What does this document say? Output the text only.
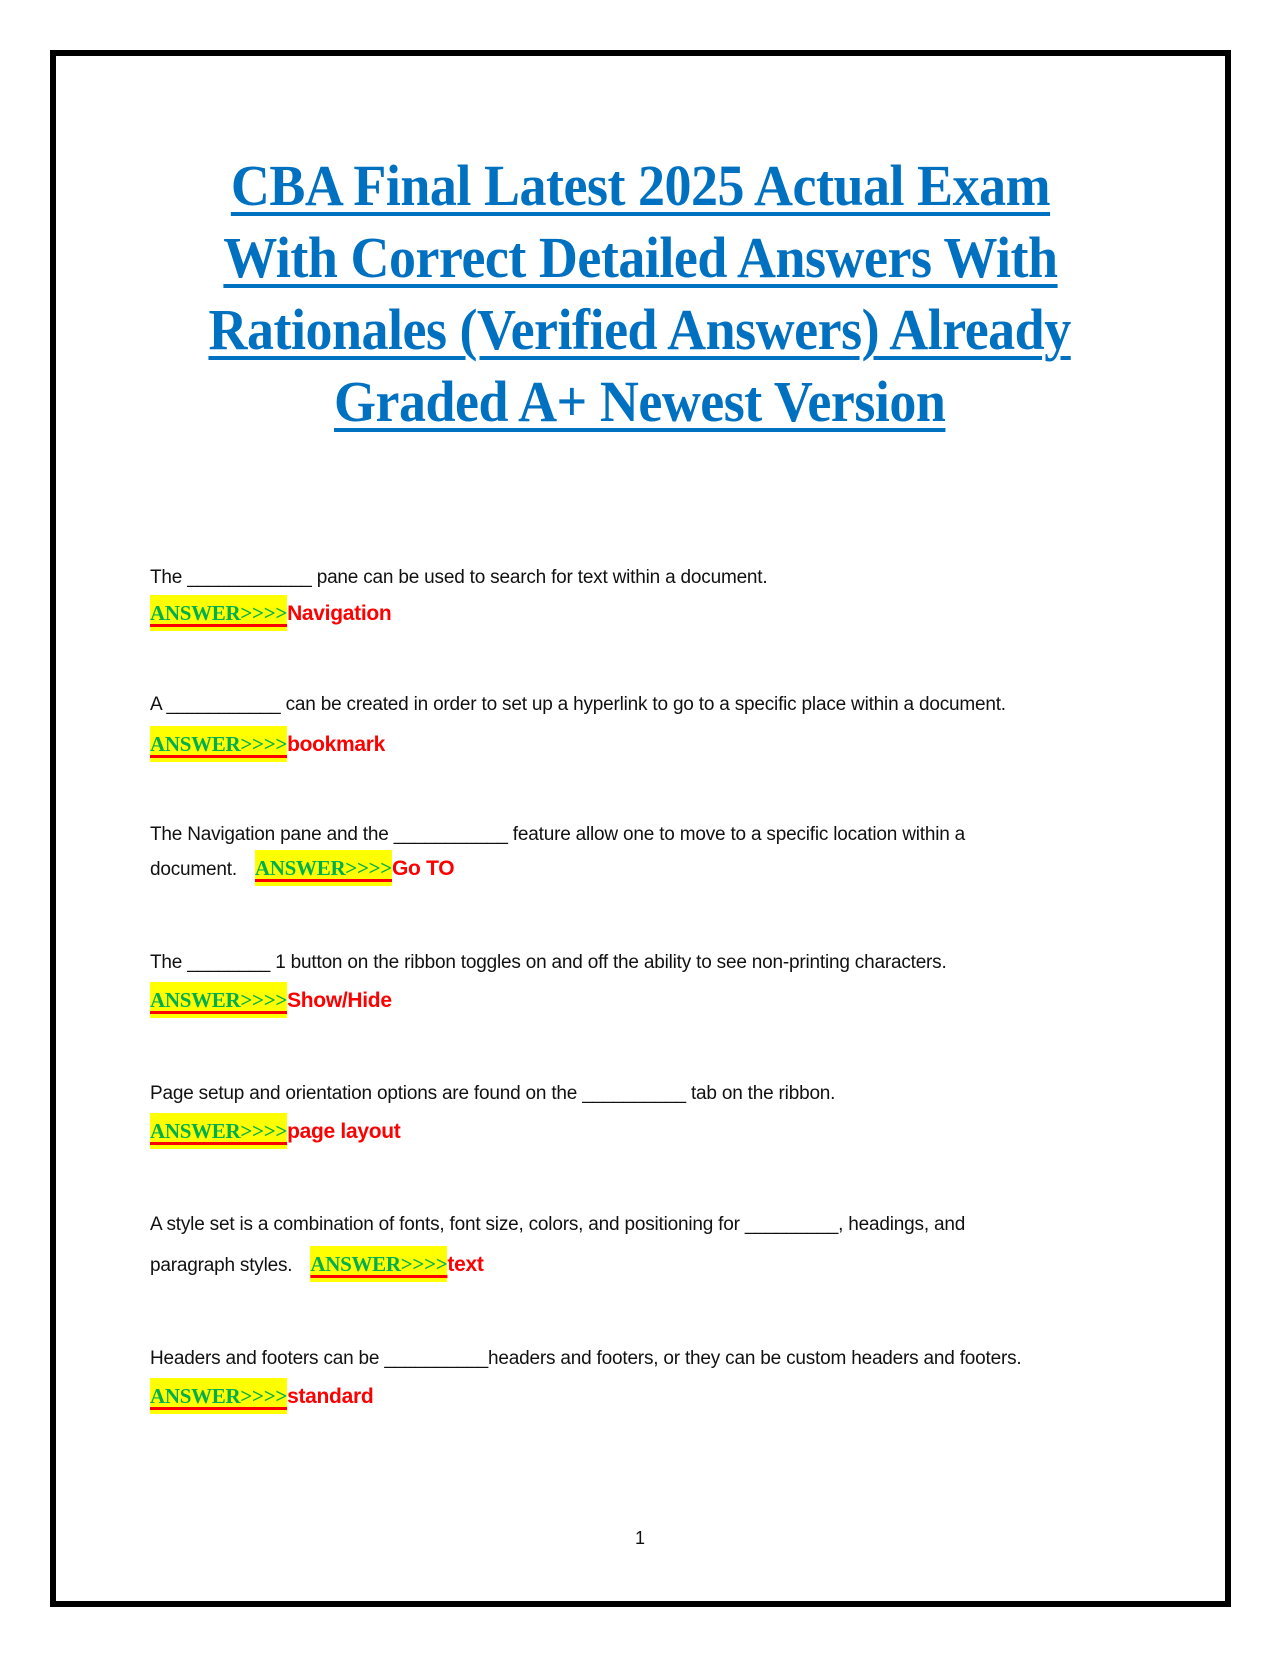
CBA Final Latest 2025 Actual Exam
With Correct Detailed Answers With
Rationales (Verified Answers) Already
Graded A+ Newest Version
The ____________ pane can be used to search for text within a document.
ANSWER>>>>Navigation
A ___________ can be created in order to set up a hyperlink to go to a specific place within a document.
ANSWER>>>>bookmark
The Navigation pane and the ___________ feature allow one to move to a specific location within a
document. ANSWER>>>>Go TO
The ________ 1 button on the ribbon toggles on and off the ability to see non-printing characters.
ANSWER>>>>Show/Hide
Page setup and orientation options are found on the __________ tab on the ribbon.
ANSWER>>>>page layout
A style set is a combination of fonts, font size, colors, and positioning for _________, headings, and
paragraph styles. ANSWER>>>>text
Headers and footers can be __________headers and footers, or they can be custom headers and footers.
ANSWER>>>>standard
1
